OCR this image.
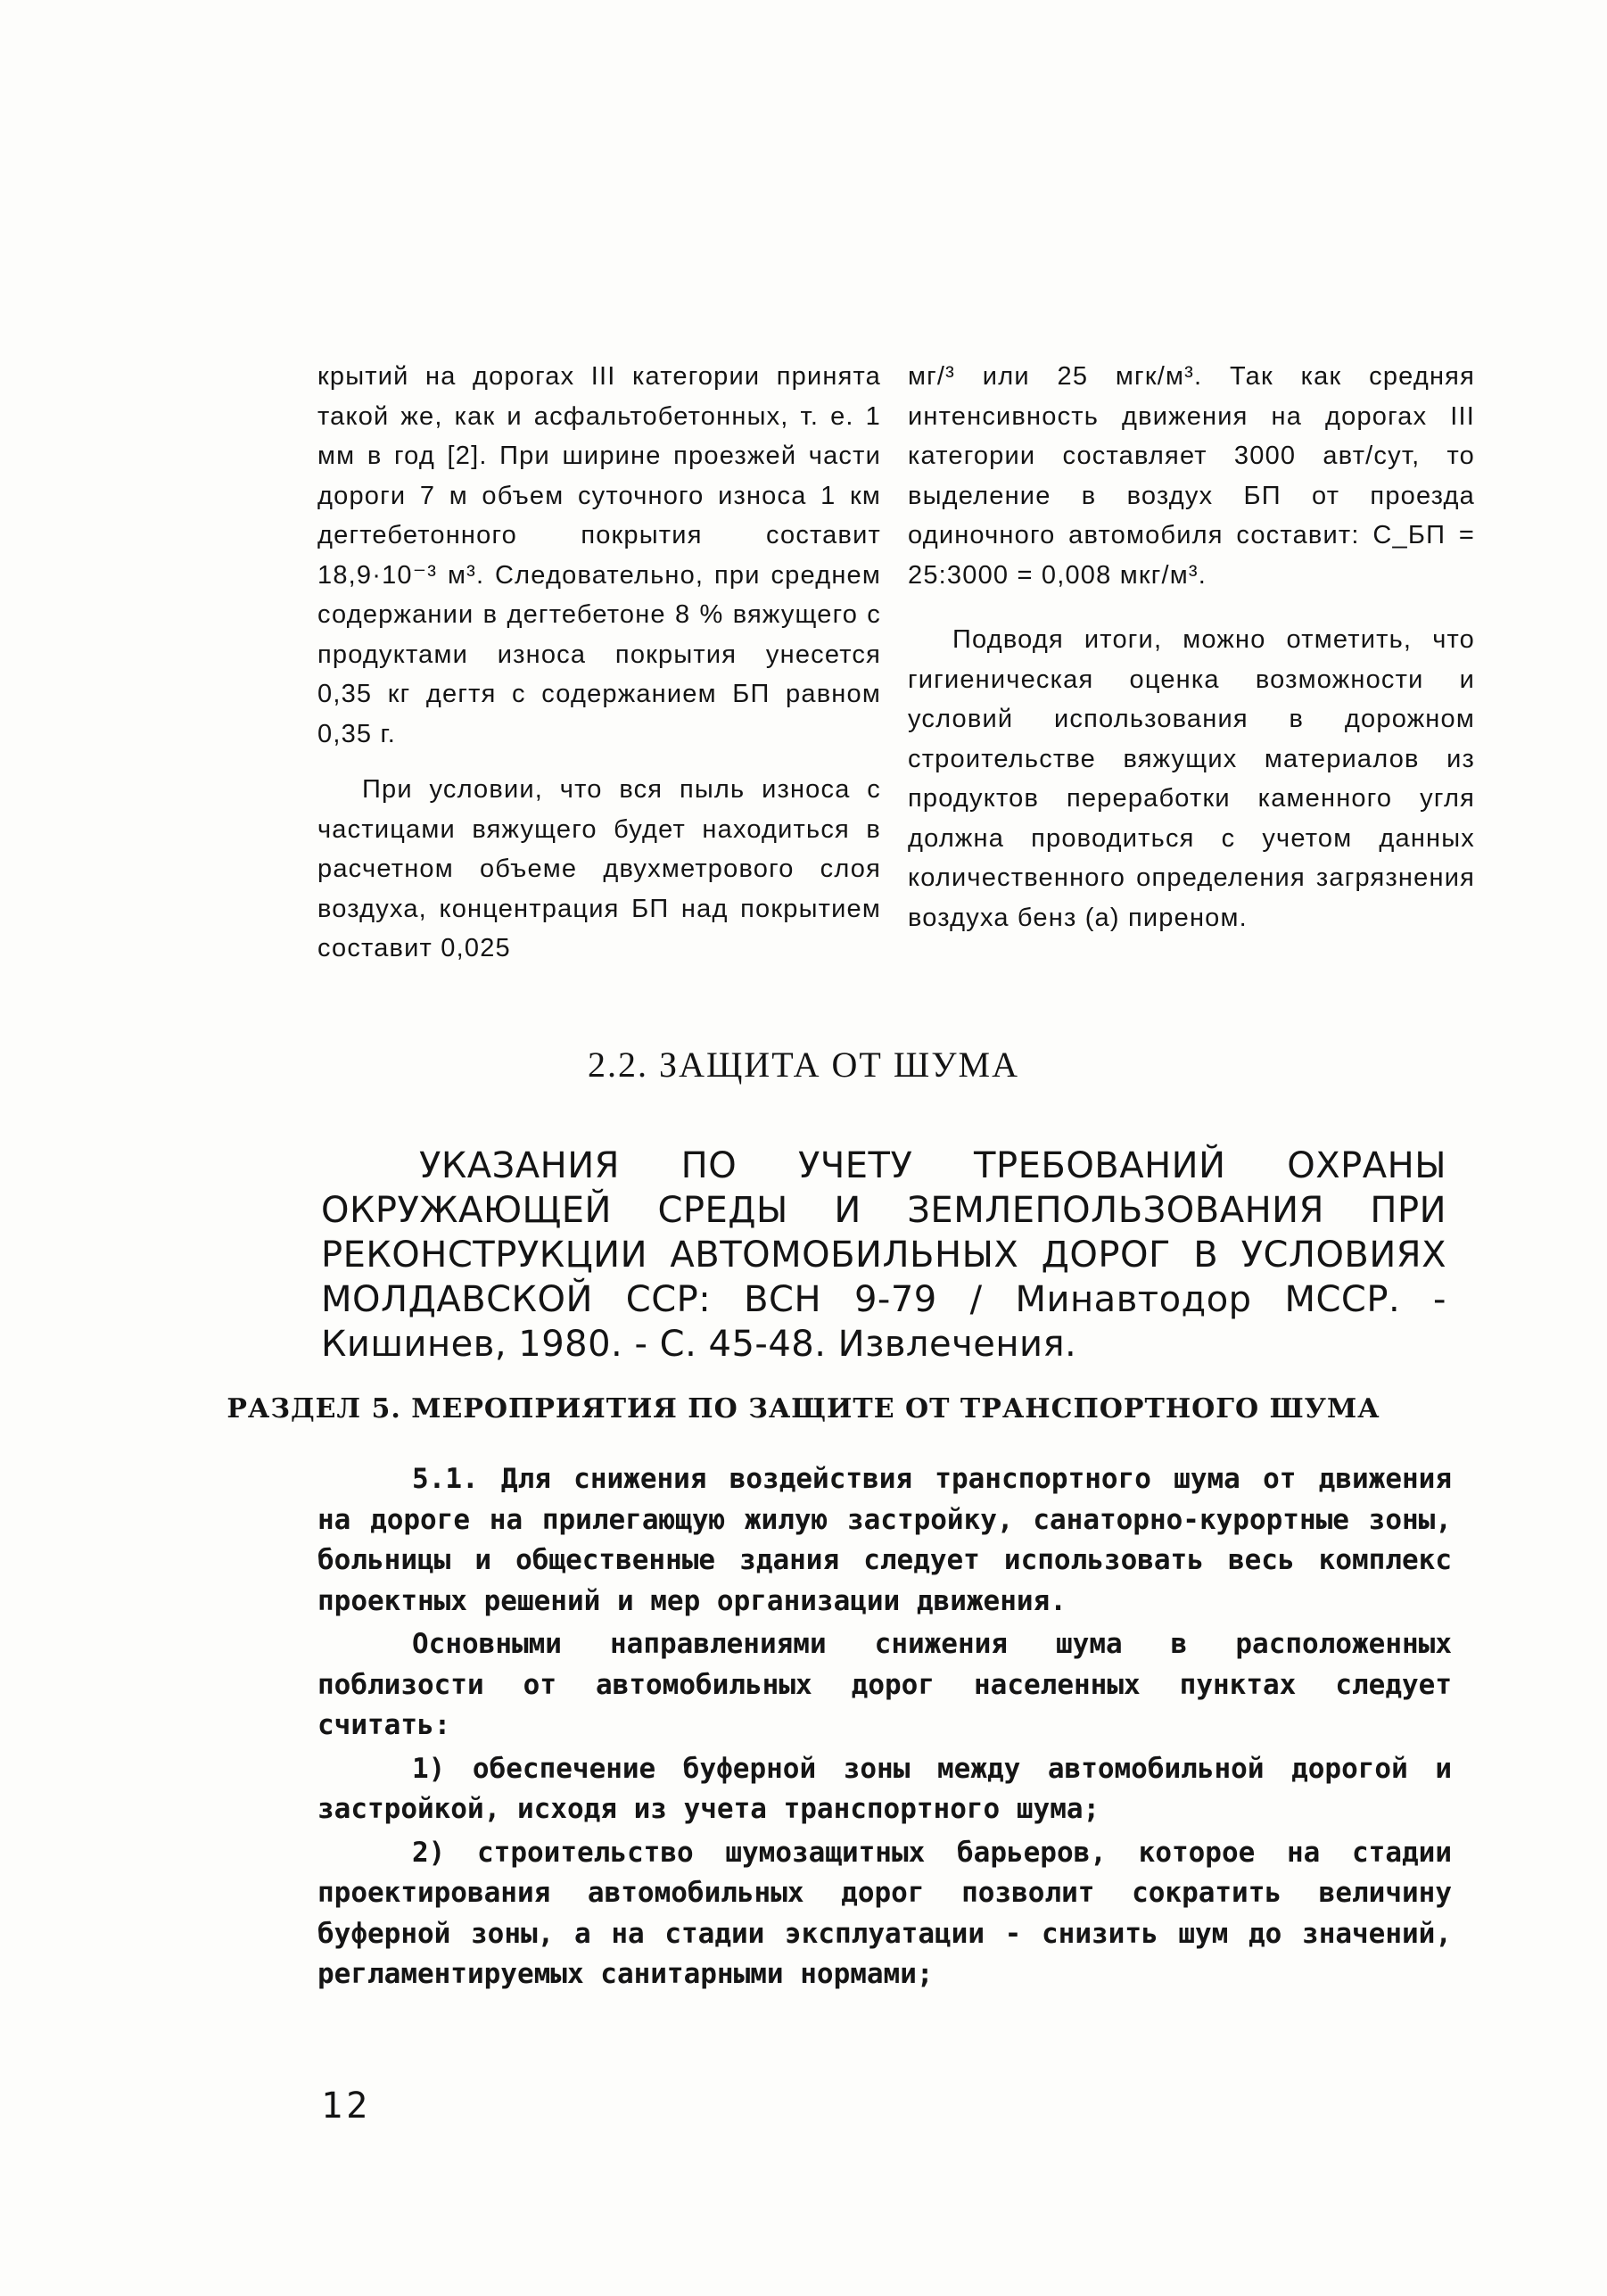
крытий на дорогах III категории принята такой же, как и асфальтобетонных, т. е. 1 мм в год [2]. При ширине проезжей части дороги 7 м объем суточного износа 1 км дегтебетонного покрытия составит 18,9·10⁻³ м³. Следовательно, при среднем содержании в дегтебетоне 8 % вяжущего с продуктами износа покрытия унесется 0,35 кг дегтя с содержанием БП равном 0,35 г.

При условии, что вся пыль износа с частицами вяжущего будет находиться в расчетном объеме двухметрового слоя воздуха, концентрация БП над покрытием составит 0,025

мг/³ или 25 мгк/м³. Так как средняя интенсивность движения на дорогах III категории составляет 3000 авт/сут, то выделение в воздух БП от проезда одиночного автомобиля составит: C_БП = 25:3000 = 0,008 мкг/м³.

Подводя итоги, можно отметить, что гигиеническая оценка возможности и условий использования в дорожном строительстве вяжущих материалов из продуктов переработки каменного угля должна проводиться с учетом данных количественного определения загрязнения воздуха бенз (а) пиреном.

2.2. ЗАЩИТА ОТ ШУМА

УКАЗАНИЯ ПО УЧЕТУ ТРЕБОВАНИЙ ОХРАНЫ ОКРУЖАЮЩЕЙ СРЕДЫ И ЗЕМЛЕПОЛЬЗОВАНИЯ ПРИ РЕКОНСТРУКЦИИ АВТОМОБИЛЬНЫХ ДОРОГ В УСЛОВИЯХ МОЛДАВСКОЙ ССР: ВСН 9-79 / Минавтодор МССР. - Кишинев, 1980. - С. 45-48. Извлечения.

РАЗДЕЛ 5. МЕРОПРИЯТИЯ ПО ЗАЩИТЕ ОТ ТРАНСПОРТНОГО ШУМА

5.1. Для снижения воздействия транспортного шума от движения на дороге на прилегающую жилую застройку, санаторно-курортные зоны, больницы и общественные здания следует использовать весь комплекс проектных решений и мер организации движения.

Основными направлениями снижения шума в расположенных поблизости от автомобильных дорог населенных пунктах следует считать:

1) обеспечение буферной зоны между автомобильной дорогой и застройкой, исходя из учета транспортного шума;

2) строительство шумозащитных барьеров, которое на стадии проектирования автомобильных дорог позволит сократить величину буферной зоны, а на стадии эксплуатации - снизить шум до значений, регламентируемых санитарными нормами;

12
